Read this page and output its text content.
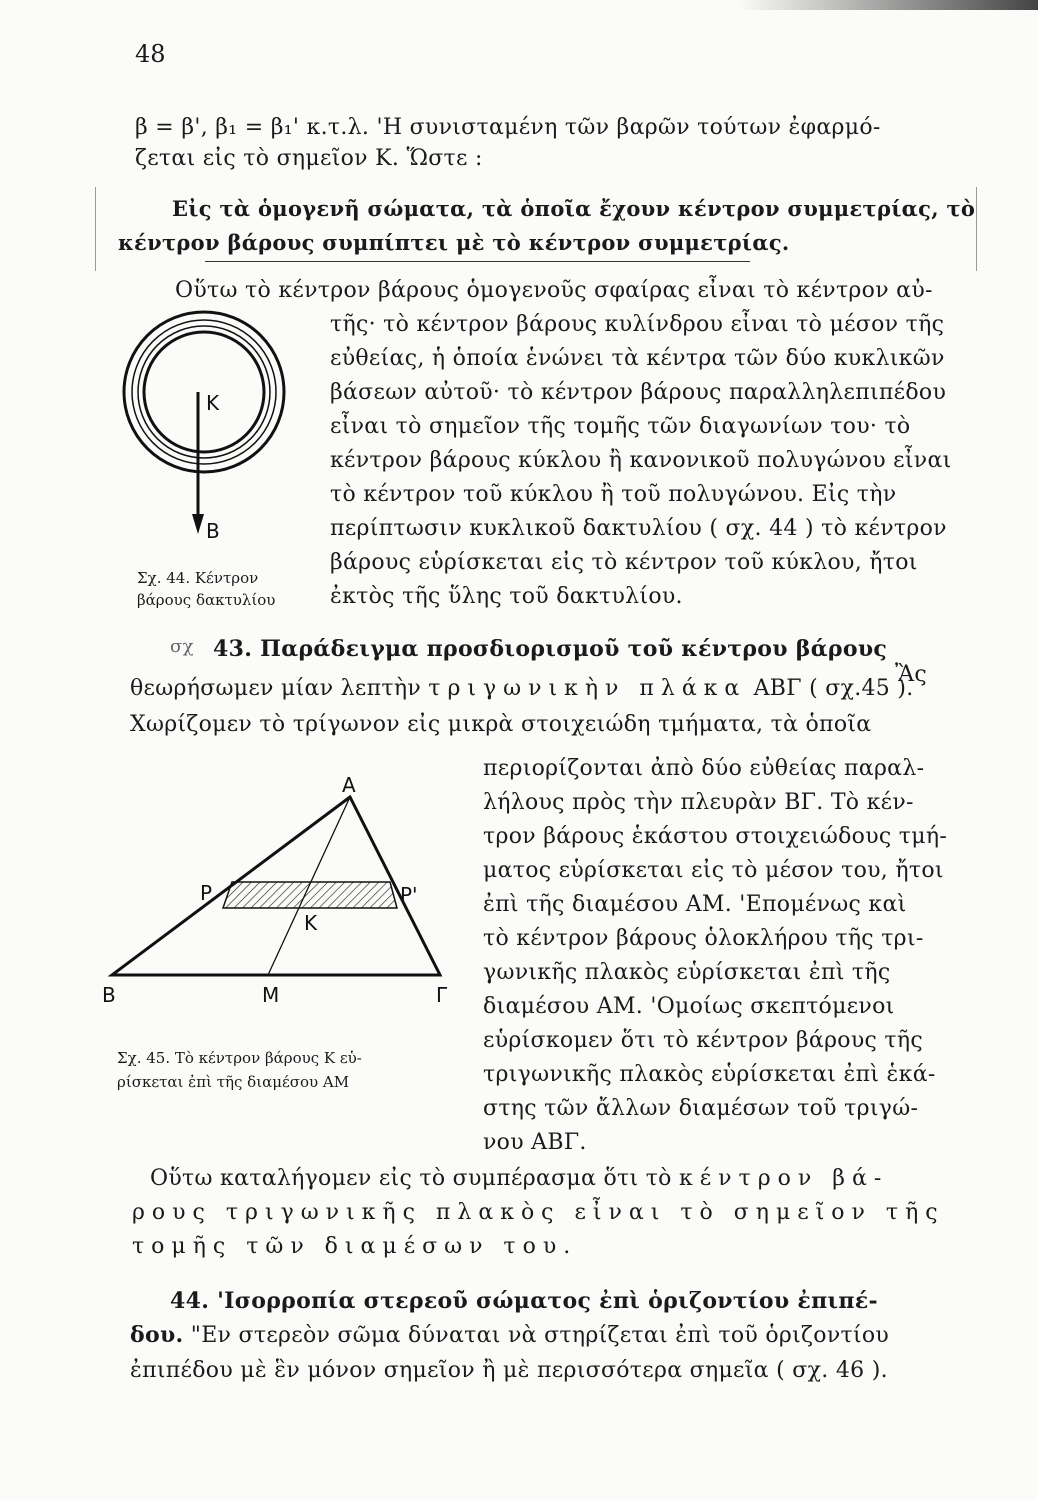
48
β = β', β₁ = β₁' κ.τ.λ. 'Η συνισταμένη τῶν βαρῶν τούτων ἐφαρμό-
ζεται εἰς τὸ σημεῖον Κ. Ὥστε :
Εἰς τὰ ὁμογενῆ σώματα, τὰ ὁποῖα ἔχουν κέντρον συμμετρίας, τὸ
κέντρον βάρους συμπίπτει μὲ τὸ κέντρον συμμετρίας.
Οὕτω τὸ κέντρον βάρους ὁμογενοῦς σφαίρας εἶναι τὸ κέντρον αὐ-
τῆς· τὸ κέντρον βάρους κυλίνδρου εἶναι τὸ μέσον τῆς
εὐθείας, ἡ ὁποία ἑνώνει τὰ κέντρα τῶν δύο κυκλικῶν
βάσεων αὐτοῦ· τὸ κέντρον βάρους παραλληλεπιπέδου
εἶναι τὸ σημεῖον τῆς τομῆς τῶν διαγωνίων του· τὸ
κέντρον βάρους κύκλου ἢ κανονικοῦ πολυγώνου εἶναι
τὸ κέντρον τοῦ κύκλου ἢ τοῦ πολυγώνου. Εἰς τὴν
περίπτωσιν κυκλικοῦ δακτυλίου ( σχ. 44 ) τὸ κέντρον
βάρους εὑρίσκεται εἰς τὸ κέντρον τοῦ κύκλου, ἤτοι
ἐκτὸς τῆς ὕλης τοῦ δακτυλίου.
K
B
Σχ. 44. Κέντρον
βάρους δακτυλίου
σχ 43. Παράδειγμα προσδιορισμοῦ τοῦ κέντρου βάρους
Ἂς
θεωρήσωμεν μίαν λεπτὴν τριγωνικὴν πλάκα ΑΒΓ ( σχ.45 ).
Χωρίζομεν τὸ τρίγωνον εἰς μικρὰ στοιχειώδη τμήματα, τὰ ὁποῖα
περιορίζονται ἀπὸ δύο εὐθείας παραλ-
λήλους πρὸς τὴν πλευρὰν ΒΓ. Τὸ κέν-
τρον βάρους ἑκάστου στοιχειώδους τμή-
ματος εὑρίσκεται εἰς τὸ μέσον του, ἤτοι
ἐπὶ τῆς διαμέσου ΑΜ. 'Επομένως καὶ
τὸ κέντρον βάρους ὁλοκλήρου τῆς τρι-
γωνικῆς πλακὸς εὑρίσκεται ἐπὶ τῆς
διαμέσου ΑΜ. 'Ομοίως σκεπτόμενοι
εὑρίσκομεν ὅτι τὸ κέντρον βάρους τῆς
τριγωνικῆς πλακὸς εὑρίσκεται ἐπὶ ἑκά-
στης τῶν ἄλλων διαμέσων τοῦ τριγώ-
νου ΑΒΓ.
A
B	Γ
M
P	P'
K
Σχ. 45. Τὸ κέντρον βάρους Κ εὑ-
ρίσκεται ἐπὶ τῆς διαμέσου ΑΜ
Οὕτω καταλήγομεν εἰς τὸ συμπέρασμα ὅτι τὸ κέντρον βά-
ρους τριγωνικῆς πλακὸς εἶναι τὸ σημεῖον τῆς
τομῆς τῶν διαμέσων του.
44. 'Ισορροπία στερεοῦ σώματος ἐπὶ ὁριζοντίου ἐπιπέ-
δου. "Εν στερεὸν σῶμα δύναται νὰ στηρίζεται ἐπὶ τοῦ ὁριζοντίου
ἐπιπέδου μὲ ἓν μόνον σημεῖον ἢ μὲ περισσότερα σημεῖα ( σχ. 46 ).
